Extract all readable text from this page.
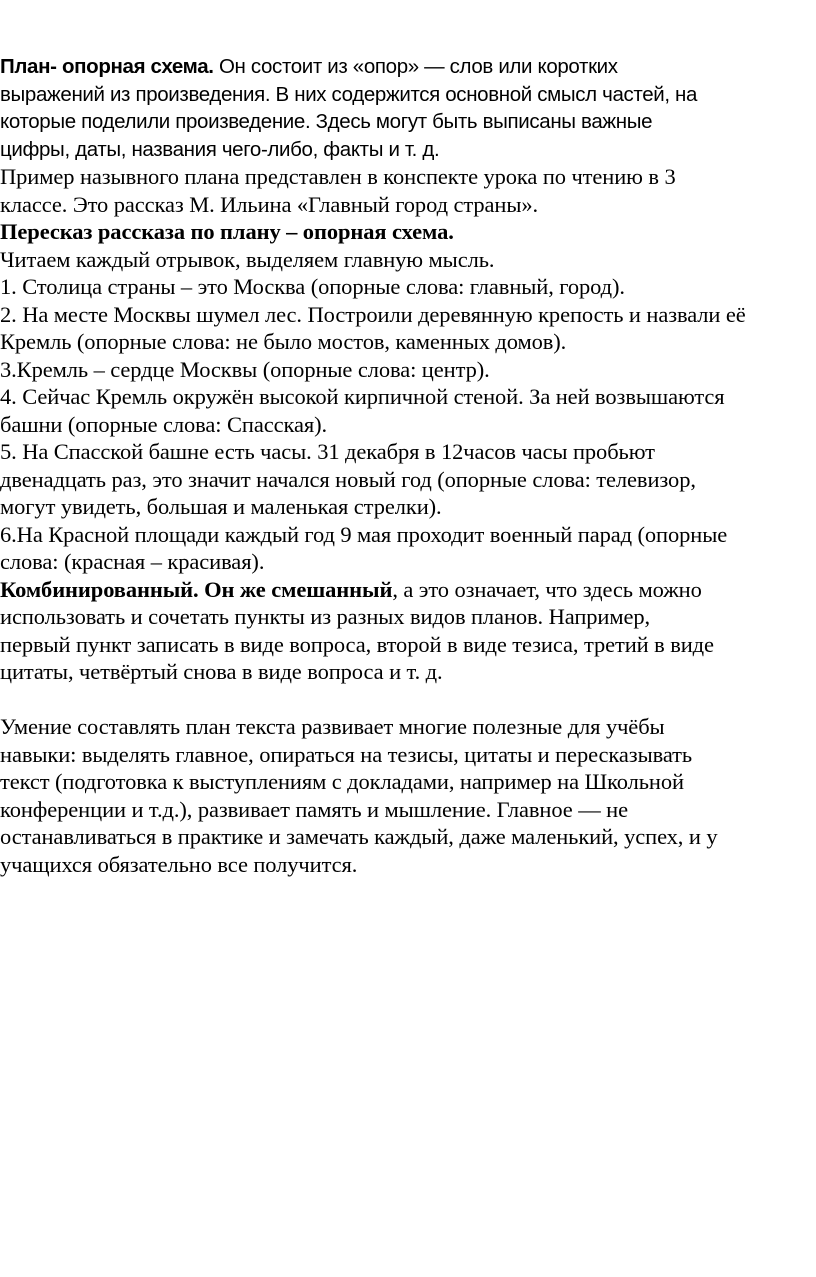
План- опорная схема. Он состоит из «опор» — слов или коротких
выражений из произведения. В них содержится основной смысл частей, на
которые поделили произведение. Здесь могут быть выписаны важные
цифры, даты, названия чего-либо, факты и т. д.
Пример назывного плана представлен в конспекте урока по чтению в 3
классе. Это рассказ М. Ильина «Главный город страны».
Пересказ рассказа по плану – опорная схема.
Читаем каждый отрывок, выделяем главную мысль.
1. Столица страны – это Москва (опорные слова: главный, город).
2. На месте Москвы шумел лес. Построили деревянную крепость и назвали её
Кремль (опорные слова: не было мостов, каменных домов).
3.Кремль – сердце Москвы (опорные слова: центр).
4. Сейчас Кремль окружён высокой кирпичной стеной. За ней возвышаются
башни (опорные слова: Спасская).
5. На Спасской башне есть часы. 31 декабря в 12часов часы пробьют
двенадцать раз, это значит начался новый год (опорные слова: телевизор,
могут увидеть, большая и маленькая стрелки).
6.На Красной площади каждый год 9 мая проходит военный парад (опорные
слова: (красная – красивая).
Комбинированный. Он же смешанный, а это означает, что здесь можно
использовать и сочетать пункты из разных видов планов. Например,
первый пункт записать в виде вопроса, второй в виде тезиса, третий в виде
цитаты, четвёртый снова в виде вопроса и т. д.
Умение составлять план текста развивает многие полезные для учёбы
навыки: выделять главное, опираться на тезисы, цитаты и пересказывать
текст (подготовка к выступлениям с докладами, например на Школьной
конференции и т.д.), развивает память и мышление. Главное — не
останавливаться в практике и замечать каждый, даже маленький, успех, и у
учащихся обязательно все получится.
